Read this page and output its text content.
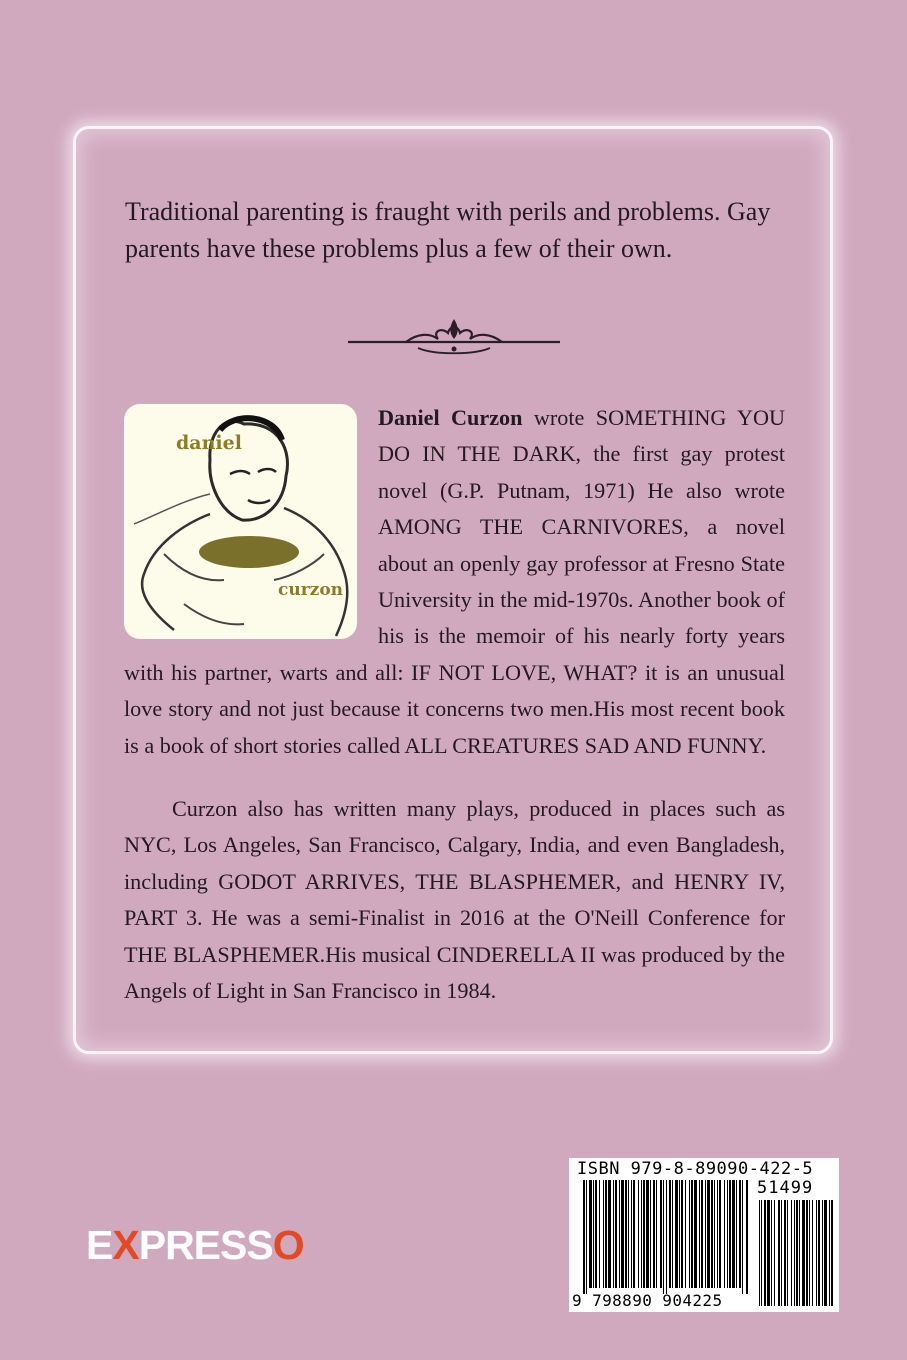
Traditional parenting is fraught with perils and problems. Gay parents have these problems plus a few of their own.

daniel
curzon

Daniel Curzon wrote SOMETHING YOU DO IN THE DARK, the first gay protest novel (G.P. Putnam, 1971) He also wrote AMONG THE CARNIVORES, a novel about an openly gay professor at Fresno State University in the mid-1970s. Another book of his is the memoir of his nearly forty years with his partner, warts and all: IF NOT LOVE, WHAT? it is an unusual love story and not just because it concerns two men.His most recent book is a book of short stories called ALL CREATURES SAD AND FUNNY.

Curzon also has written many plays, produced in places such as NYC, Los Angeles, San Francisco, Calgary, India, and even Bangladesh, including GODOT ARRIVES, THE BLASPHEMER, and HENRY IV, PART 3. He was a semi-Finalist in 2016 at the O'Neill Conference for THE BLASPHEMER.His musical CINDERELLA II was produced by the Angels of Light in San Francisco in 1984.

EXPRESSO
ISBN 979-8-89090-422-5
51499
9 798890 904225
